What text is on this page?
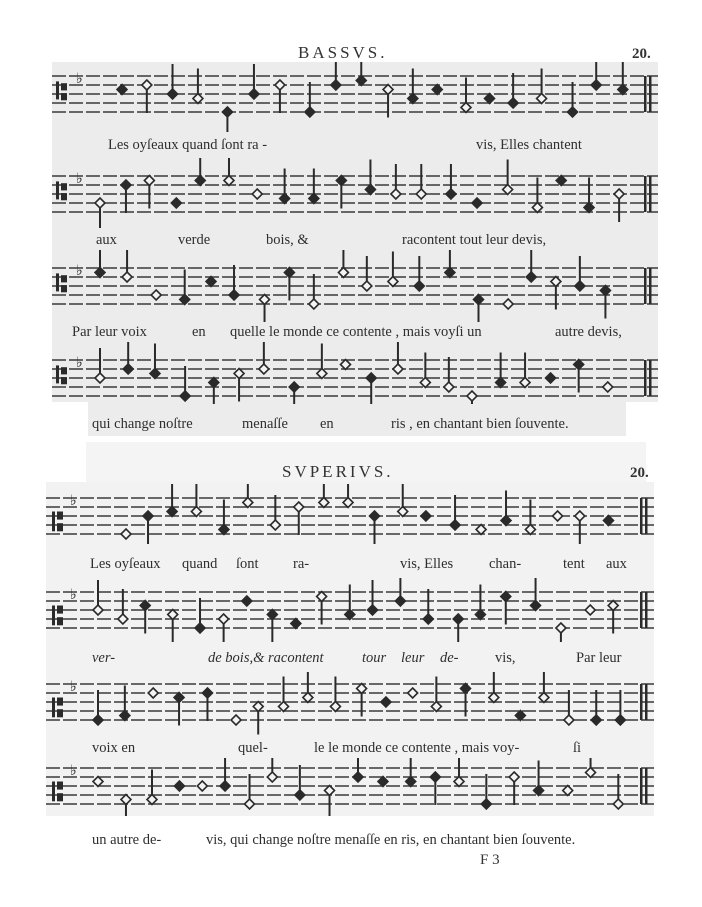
BASSVS.	20.
♭
Les oyſeaux quand ſont ra -	vis, Elles chantent
♭
aux	verde	bois, &	racontent tout leur devis,
♭
Par leur voix	en quelle le monde ce contente , mais voyſi un	autre devis,
♭
qui change noſtre	menaſſe en	ris , en chantant bien ſouvente.
SVPERIVS.	20.
♭
Les oyſeaux quand ſont ra-	vis, Elles chan-	tent aux
♭
ver-	de bois,& racontent	tour leur de-	vis,	Par leur
♭
voix en	quel-	le le monde ce contente , mais voy-	ſi
♭
un autre de-	vis, qui change noſtre menaſſe en ris, en chantant bien ſouvente.
F 3
